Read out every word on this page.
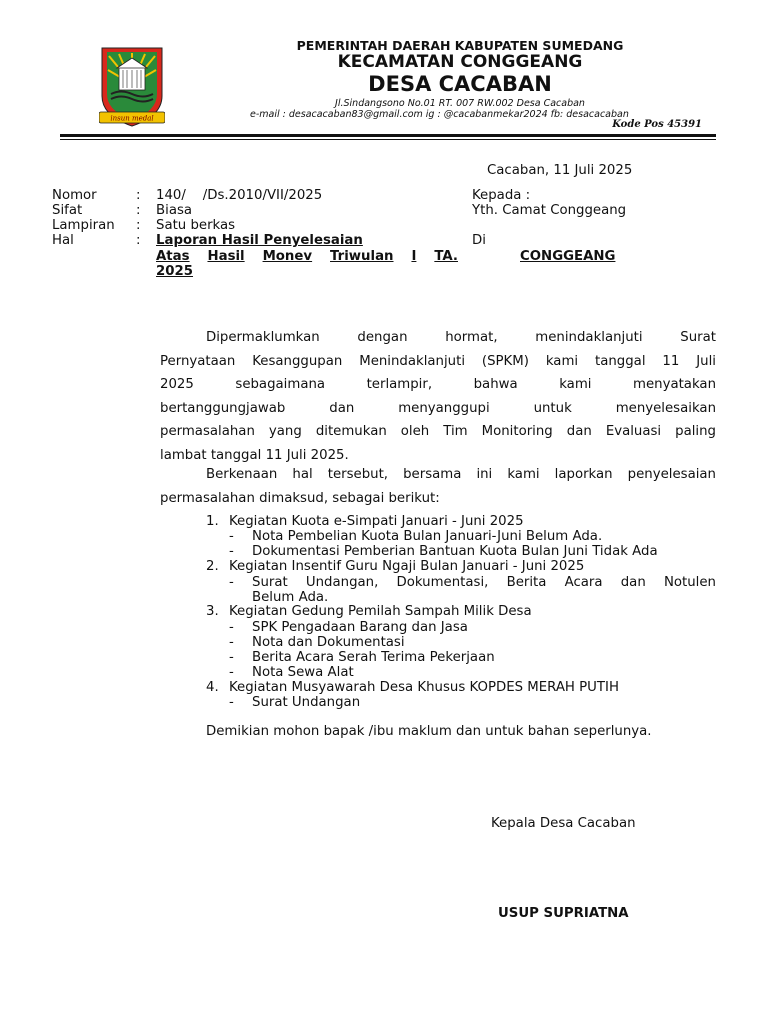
insun medal
PEMERINTAH DAERAH KABUPATEN SUMEDANG
KECAMATAN CONGGEANG
DESA CACABAN
Jl.Sindangsono No.01 RT. 007 RW.002 Desa Cacaban
e-mail : desacacaban83@gmail.com ig : @cacabanmekar2024 fb: desacacaban
Kode Pos 45391
Cacaban, 11 Juli 2025
Nomor	: 140/    /Ds.2010/VII/2025
Sifat	: Biasa
Lampiran : Satu berkas
Hal	: Laporan Hasil Penyelesaian
Atas Hasil Monev Triwulan I TA.
2025
Kepada :
Yth. Camat Conggeang
Di
CONGGEANG
Dipermaklumkan dengan hormat, menindaklanjuti Surat
Pernyataan Kesanggupan Menindaklanjuti (SPKM) kami tanggal 11 Juli
2025 sebagaimana terlampir, bahwa kami menyatakan
bertanggungjawab dan menyanggupi untuk menyelesaikan
permasalahan yang ditemukan oleh Tim Monitoring dan Evaluasi paling
lambat tanggal 11 Juli 2025.
Berkenaan hal tersebut, bersama ini kami laporkan penyelesaian
permasalahan dimaksud, sebagai berikut:
1. Kegiatan Kuota e-Simpati Januari - Juni 2025
- Nota Pembelian Kuota Bulan Januari-Juni Belum Ada.
- Dokumentasi Pemberian Bantuan Kuota Bulan Juni Tidak Ada
2. Kegiatan Insentif Guru Ngaji Bulan Januari - Juni 2025
- Surat Undangan, Dokumentasi, Berita Acara dan Notulen
Belum Ada.
3. Kegiatan Gedung Pemilah Sampah Milik Desa
- SPK Pengadaan Barang dan Jasa
- Nota dan Dokumentasi
- Berita Acara Serah Terima Pekerjaan
- Nota Sewa Alat
4. Kegiatan Musyawarah Desa Khusus KOPDES MERAH PUTIH
- Surat Undangan
Demikian mohon bapak /ibu maklum dan untuk bahan seperlunya.
Kepala Desa Cacaban
USUP SUPRIATNA
